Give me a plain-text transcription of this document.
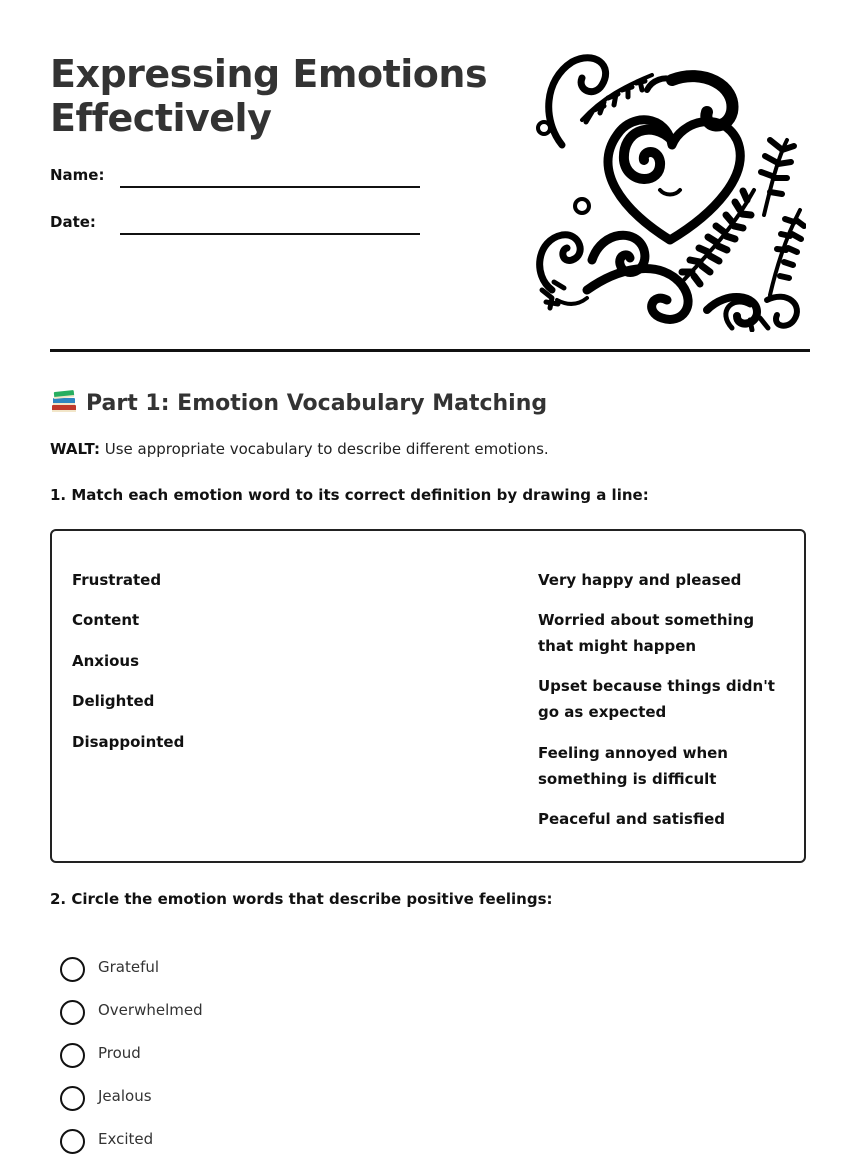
Expressing Emotions
Effectively
Name:
Date:
Part 1: Emotion Vocabulary Matching
WALT: Use appropriate vocabulary to describe different emotions.
1. Match each emotion word to its correct definition by drawing a line:
Frustrated
Content
Anxious
Delighted
Disappointed
Very happy and pleased
Worried about something that might happen
Upset because things didn't go as expected
Feeling annoyed when something is difficult
Peaceful and satisfied
2. Circle the emotion words that describe positive feelings:
Grateful
Overwhelmed
Proud
Jealous
Excited
